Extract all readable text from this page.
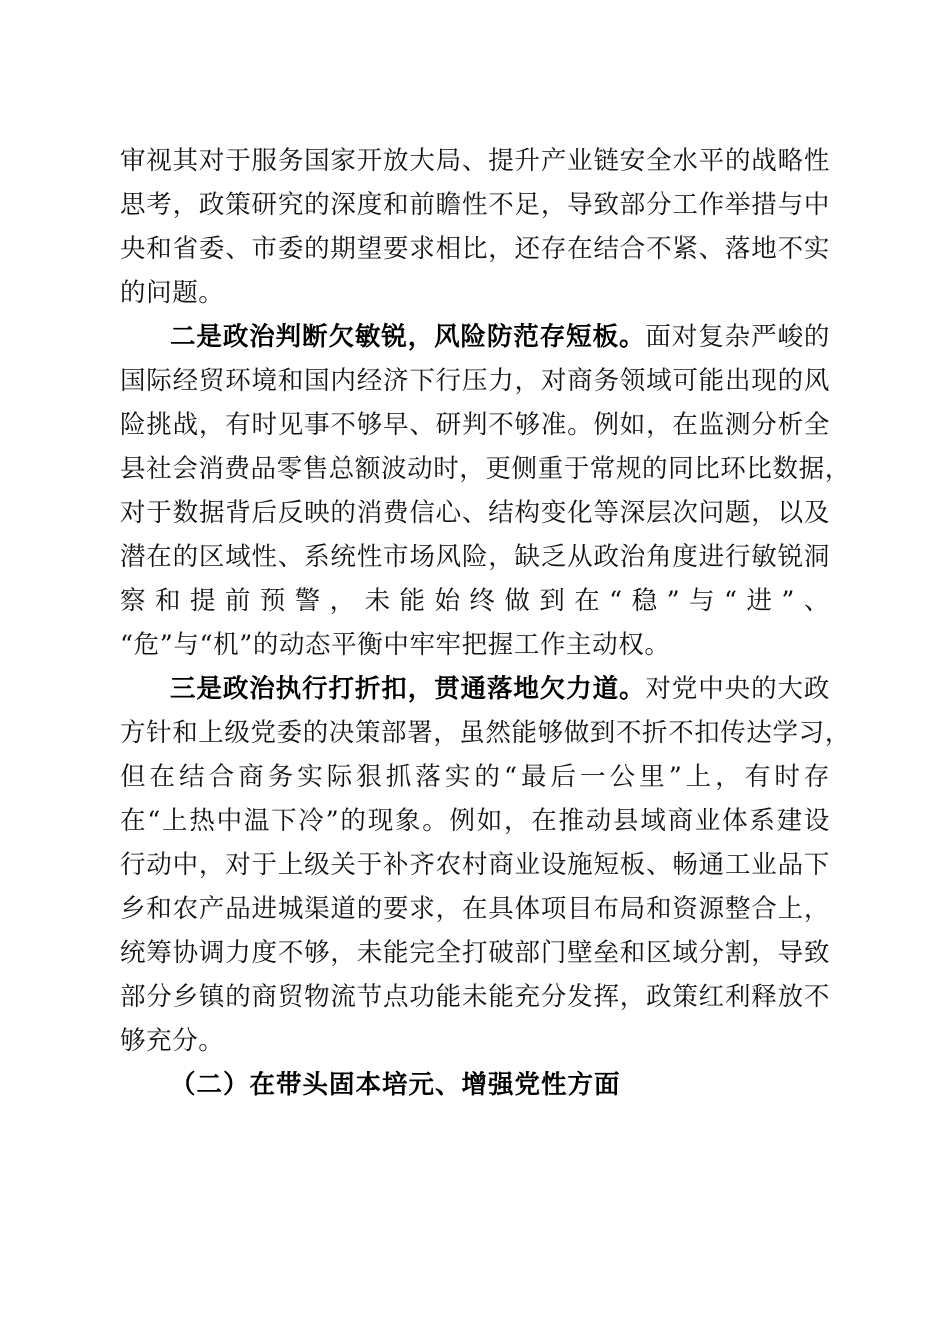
审视其对于服务国家开放大局、提升产业链安全水平的战略性
思考，政策研究的深度和前瞻性不足，导致部分工作举措与中
央和省委、市委的期望要求相比，还存在结合不紧、落地不实
的问题。
二是政治判断欠敏锐，风险防范存短板。面对复杂严峻的
国际经贸环境和国内经济下行压力，对商务领域可能出现的风
险挑战，有时见事不够早、研判不够准。例如，在监测分析全
县社会消费品零售总额波动时，更侧重于常规的同比环比数据，
对于数据背后反映的消费信心、结构变化等深层次问题，以及
潜在的区域性、系统性市场风险，缺乏从政治角度进行敏锐洞
察和提前预警，未能始终做到在“稳”与“进”、
“危”与“机”的动态平衡中牢牢把握工作主动权。
三是政治执行打折扣，贯通落地欠力道。对党中央的大政
方针和上级党委的决策部署，虽然能够做到不折不扣传达学习，
但在结合商务实际狠抓落实的“最后一公里”上，有时存
在“上热中温下冷”的现象。例如，在推动县域商业体系建设
行动中，对于上级关于补齐农村商业设施短板、畅通工业品下
乡和农产品进城渠道的要求，在具体项目布局和资源整合上，
统筹协调力度不够，未能完全打破部门壁垒和区域分割，导致
部分乡镇的商贸物流节点功能未能充分发挥，政策红利释放不
够充分。
（二）在带头固本培元、增强党性方面
